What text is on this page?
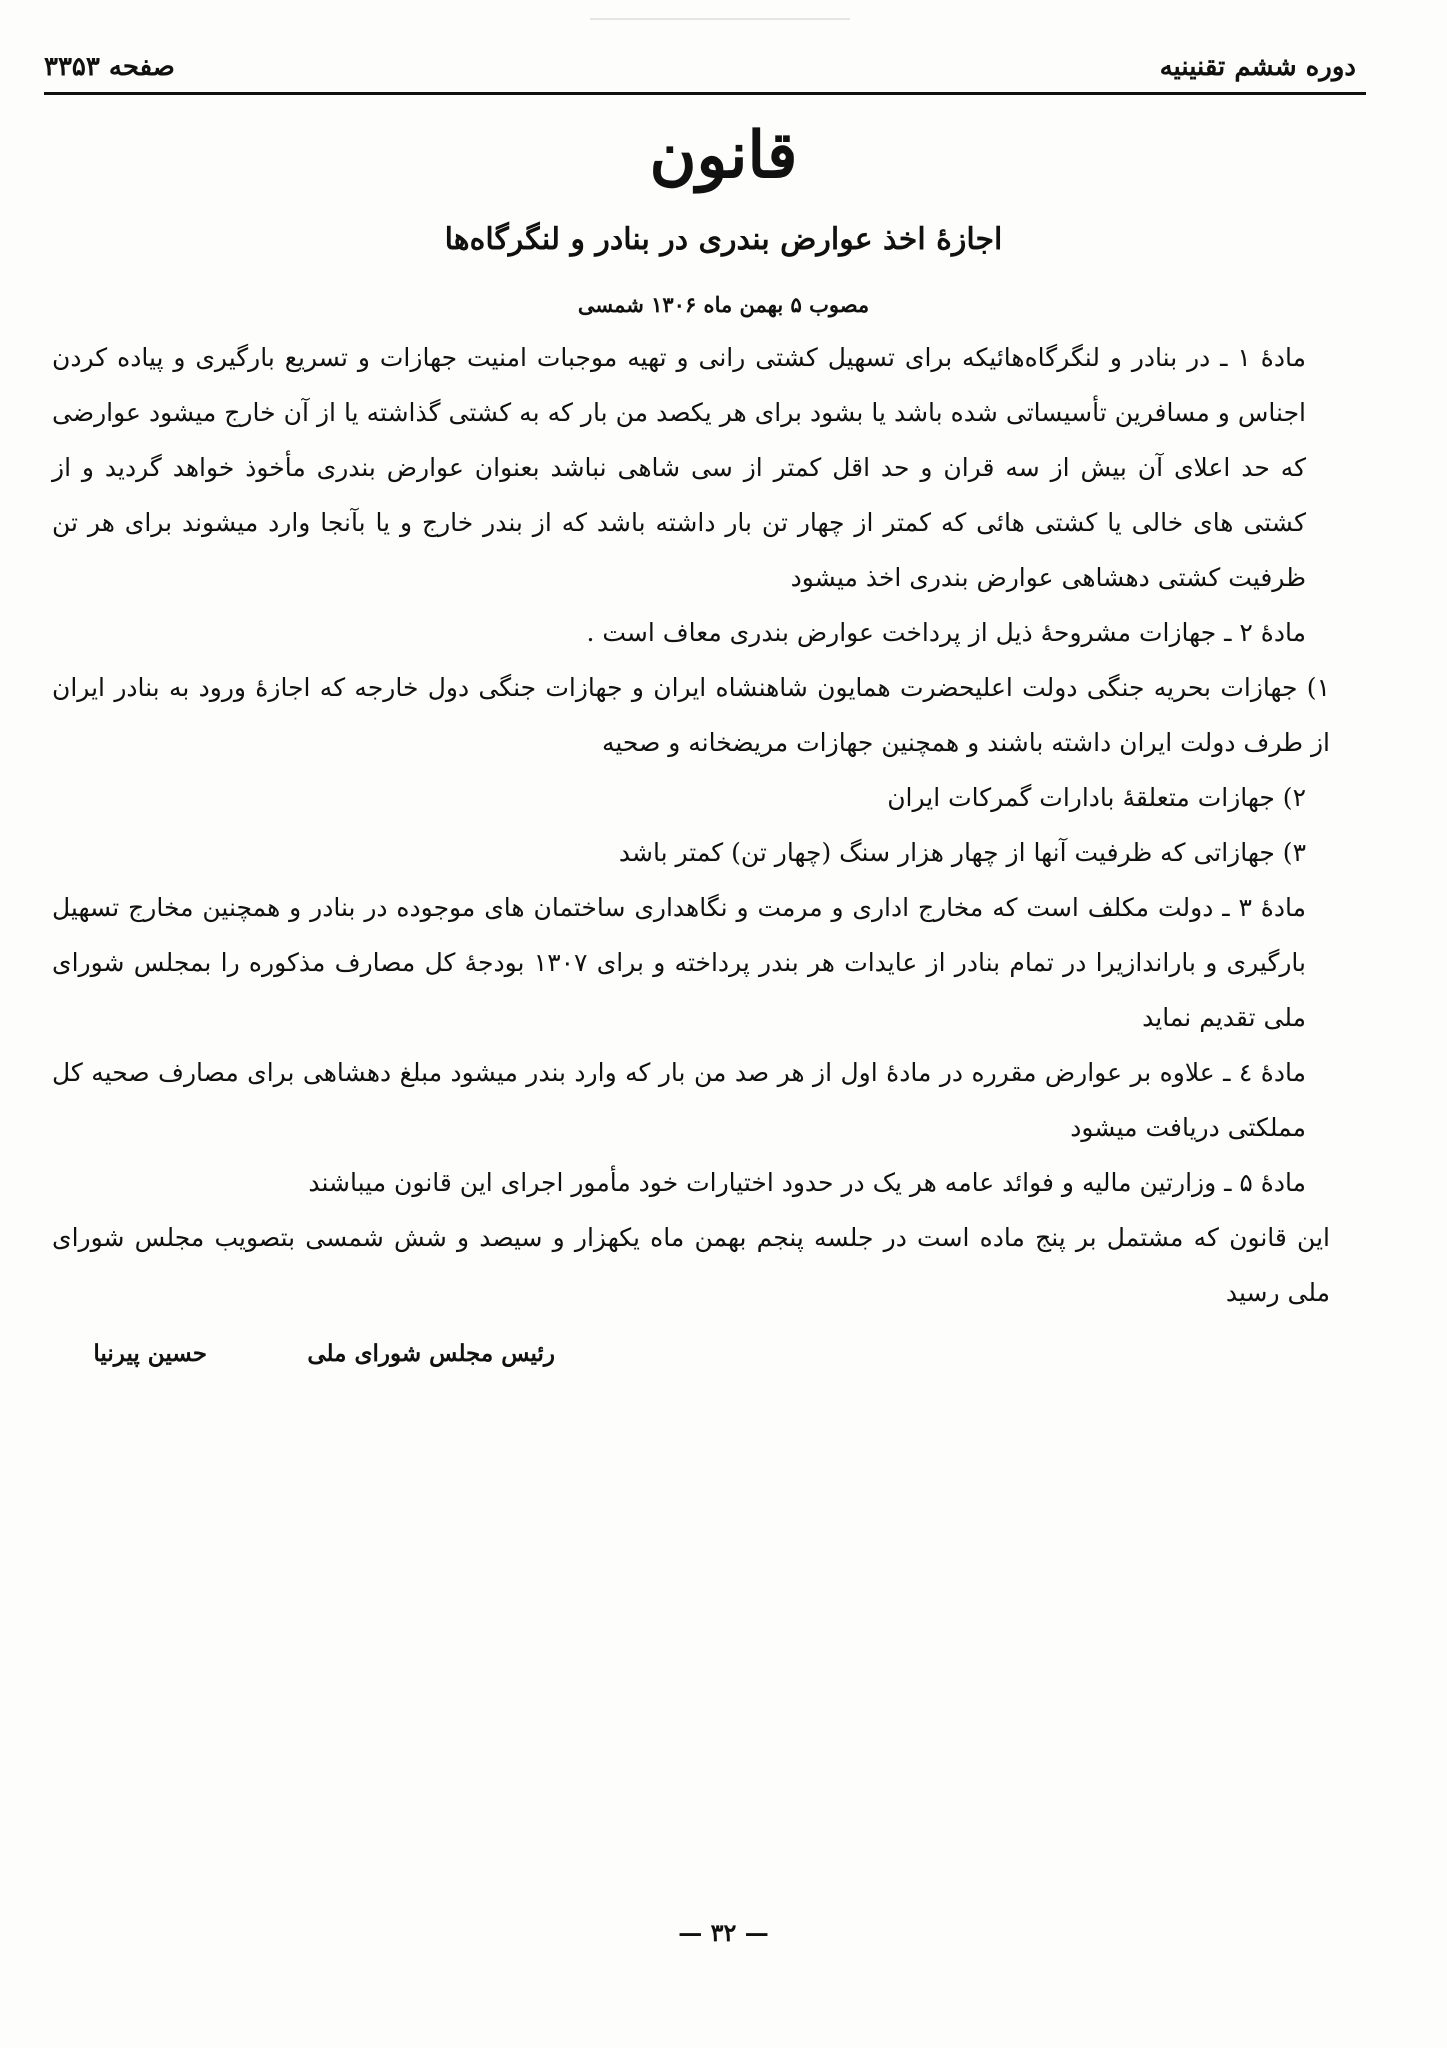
دوره ششم تقنینیه
صفحه ۳۳۵۳
قانون
اجازهٔ اخذ عوارض بندری در بنادر و لنگرگاه‌ها
مصوب ۵ بهمن ماه ۱۳۰۶ شمسی

مادهٔ ۱ ـ در بنادر و لنگرگاه‌هائیکه برای تسهیل کشتی رانی و تهیه موجبات امنیت جهازات و تسریع بارگیری و پیاده کردن اجناس و مسافرین تأسیساتی شده باشد یا بشود برای هر یکصد من بار که به کشتی گذاشته یا از آن خارج میشود عوارضی که حد اعلای آن بیش از سه قران و حد اقل کمتر از سی شاهی نباشد بعنوان عوارض بندری مأخوذ خواهد گردید و از کشتی های خالی یا کشتی هائی که کمتر از چهار تن بار داشته باشد که از بندر خارج و یا بآنجا وارد میشوند برای هر تن ظرفیت کشتی دهشاهی عوارض بندری اخذ میشود

مادهٔ ۲ ـ جهازات مشروحهٔ ذیل از پرداخت عوارض بندری معاف است .

۱) جهازات بحریه جنگی دولت اعلیحضرت همایون شاهنشاه ایران و جهازات جنگی دول خارجه که اجازهٔ ورود به بنادر ایران از طرف دولت ایران داشته باشند و همچنین جهازات مریضخانه و صحیه

۲) جهازات متعلقهٔ بادارات گمرکات ایران

۳) جهازاتی که ظرفیت آنها از چهار هزار سنگ (چهار تن) کمتر باشد

مادهٔ ۳ ـ دولت مکلف است که مخارج اداری و مرمت و نگاهداری ساختمان های موجوده در بنادر و همچنین مخارج تسهیل بارگیری و باراندازیرا در تمام بنادر از عایدات هر بندر پرداخته و برای ۱۳۰۷ بودجهٔ کل مصارف مذکوره را بمجلس شورای ملی تقدیم نماید

مادهٔ ٤ ـ علاوه بر عوارض مقرره در مادهٔ اول از هر صد من بار که وارد بندر میشود مبلغ دهشاهی برای مصارف صحیه کل مملکتی دریافت میشود

مادهٔ ۵ ـ وزارتین مالیه و فوائد عامه هر یک در حدود اختیارات خود مأمور اجرای این قانون میباشند

این قانون که مشتمل بر پنج ماده است در جلسه پنجم بهمن ماه یکهزار و سیصد و شش شمسی بتصویب مجلس شورای ملی رسید

رئیس مجلس شورای ملی
حسین پیرنیا
— ۳۲ —
